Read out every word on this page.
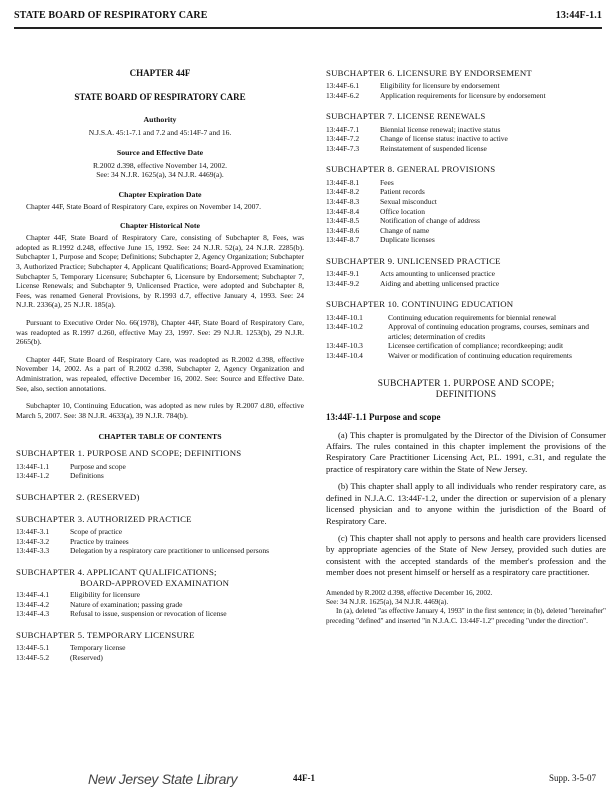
STATE BOARD OF RESPIRATORY CARE	13:44F-1.1
CHAPTER 44F
STATE BOARD OF RESPIRATORY CARE
Authority
N.J.S.A. 45:1-7.1 and 7.2 and 45:14F-7 and 16.
Source and Effective Date
R.2002 d.398, effective November 14, 2002.
See: 34 N.J.R. 1625(a), 34 N.J.R. 4469(a).
Chapter Expiration Date
Chapter 44F, State Board of Respiratory Care, expires on November 14, 2007.
Chapter Historical Note
Chapter 44F, State Board of Respiratory Care, consisting of Subchapter 8, Fees, was adopted as R.1992 d.248, effective June 15, 1992. See: 24 N.J.R. 52(a), 24 N.J.R. 2285(b). Subchapter 1, Purpose and Scope; Definitions; Subchapter 2, Agency Organization; Subchapter 3, Authorized Practice; Subchapter 4, Applicant Qualifications; Board-Approved Examination; Subchapter 5, Temporary Licensure; Subchapter 6, Licensure by Endorsement; Subchapter 7, License Renewals; and Subchapter 9, Unlicensed Practice, were adopted and Subchapter 8, Fees, was renamed General Provisions, by R.1993 d.7, effective January 4, 1993. See: 24 N.J.R. 2336(a), 25 N.J.R. 185(a).
Pursuant to Executive Order No. 66(1978), Chapter 44F, State Board of Respiratory Care, was readopted as R.1997 d.260, effective May 23, 1997. See: 29 N.J.R. 1253(b), 29 N.J.R. 2665(b).
Chapter 44F, State Board of Respiratory Care, was readopted as R.2002 d.398, effective November 14, 2002. As a part of R.2002 d.398, Subchapter 2, Agency Organization and Administration, was repealed, effective December 16, 2002. See: Source and Effective Date. See, also, section annotations.
Subchapter 10, Continuing Education, was adopted as new rules by R.2007 d.80, effective March 5, 2007. See: 38 N.J.R. 4633(a), 39 N.J.R. 784(b).
CHAPTER TABLE OF CONTENTS
SUBCHAPTER 1. PURPOSE AND SCOPE; DEFINITIONS
13:44F-1.1	Purpose and scope
13:44F-1.2	Definitions
SUBCHAPTER 2. (RESERVED)
SUBCHAPTER 3. AUTHORIZED PRACTICE
13:44F-3.1	Scope of practice
13:44F-3.2	Practice by trainees
13:44F-3.3	Delegation by a respiratory care practitioner to unlicensed persons
SUBCHAPTER 4. APPLICANT QUALIFICATIONS;
BOARD-APPROVED EXAMINATION
13:44F-4.1	Eligibility for licensure
13:44F-4.2	Nature of examination; passing grade
13:44F-4.3	Refusal to issue, suspension or revocation of license
SUBCHAPTER 5. TEMPORARY LICENSURE
13:44F-5.1	Temporary license
13:44F-5.2	(Reserved)
SUBCHAPTER 6. LICENSURE BY ENDORSEMENT
13:44F-6.1	Eligibility for licensure by endorsement
13:44F-6.2	Application requirements for licensure by endorsement
SUBCHAPTER 7. LICENSE RENEWALS
13:44F-7.1	Biennial license renewal; inactive status
13:44F-7.2	Change of license status: inactive to active
13:44F-7.3	Reinstatement of suspended license
SUBCHAPTER 8. GENERAL PROVISIONS
13:44F-8.1	Fees
13:44F-8.2	Patient records
13:44F-8.3	Sexual misconduct
13:44F-8.4	Office location
13:44F-8.5	Notification of change of address
13:44F-8.6	Change of name
13:44F-8.7	Duplicate licenses
SUBCHAPTER 9. UNLICENSED PRACTICE
13:44F-9.1	Acts amounting to unlicensed practice
13:44F-9.2	Aiding and abetting unlicensed practice
SUBCHAPTER 10. CONTINUING EDUCATION
13:44F-10.1	Continuing education requirements for biennial renewal
13:44F-10.2	Approval of continuing education programs, courses, seminars and articles; determination of credits
13:44F-10.3	Licensee certification of compliance; recordkeeping; audit
13:44F-10.4	Waiver or modification of continuing education requirements
SUBCHAPTER 1. PURPOSE AND SCOPE;
DEFINITIONS
13:44F-1.1 Purpose and scope
(a) This chapter is promulgated by the Director of the Division of Consumer Affairs. The rules contained in this chapter implement the provisions of the Respiratory Care Practitioner Licensing Act, P.L. 1991, c.31, and regulate the practice of respiratory care within the State of New Jersey.
(b) This chapter shall apply to all individuals who render respiratory care, as defined in N.J.A.C. 13:44F-1.2, under the direction or supervision of a plenary licensed physician and to anyone within the jurisdiction of the Board of Respiratory Care.
(c) This chapter shall not apply to persons and health care providers licensed by appropriate agencies of the State of New Jersey, provided such duties are consistent with the accepted standards of the member's profession and the member does not present himself or herself as a respiratory care practitioner.

Amended by R.2002 d.398, effective December 16, 2002.

See: 34 N.J.R. 1625(a), 34 N.J.R. 4469(a).

In (a), deleted "as effective January 4, 1993" in the first sentence; in (b), deleted "hereinafter" preceding "defined" and inserted "in N.J.A.C. 13:44F-1.2" preceding "under the direction".

New Jersey State Library	44F-1	Supp. 3-5-07
